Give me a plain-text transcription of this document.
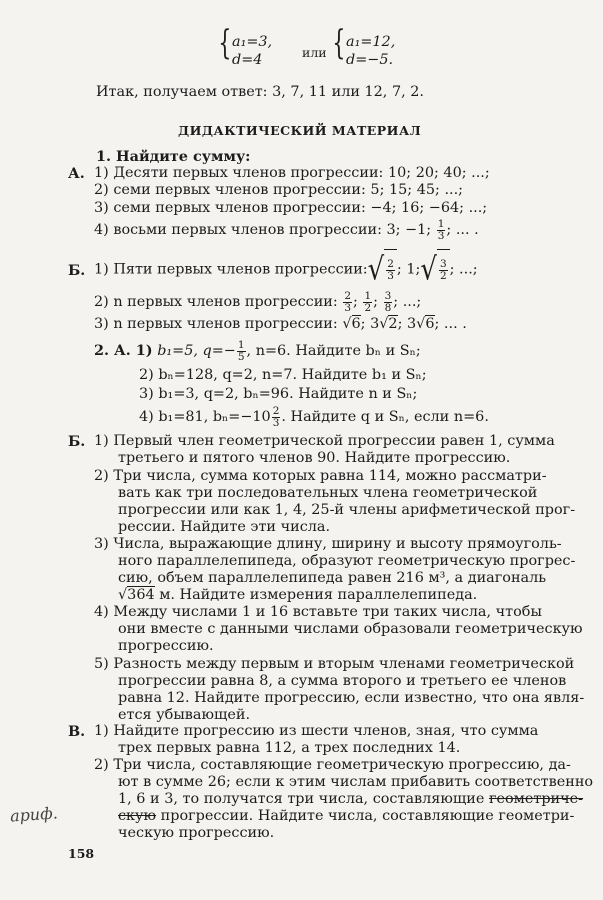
{ a₁=3,
d=4	или { a₁=12,
d=−5.
Итак, получаем ответ: 3, 7, 11 или 12, 7, 2.
ДИДАКТИЧЕСКИЙ МАТЕРИАЛ
1. Найдите сумму:
А. 1) Десяти первых членов прогрессии: 10; 20; 40; ...;
2) семи первых членов прогрессии: 5; 15; 45; ...;
3) семи первых членов прогрессии: −4; 16; −64; ...;
4) восьми первых членов прогрессии: 3; −1; $\frac{1}{3}$ ; ... .
Б. 1) Пяти первых членов прогрессии:√ $\frac{2}{3}$ ; 1;√ $\frac{3}{2}$ ; ...;
2) n первых членов прогрессии: $\frac{2}{3}$ ; $\frac{1}{2}$ ; $\frac{3}{8}$ ; ...;
3) n первых членов прогрессии: √6; 3√2; 3√6; ... .
2. А. 1) b₁=5, $q=- \frac{1}{5}$ , n=6. Найдите bₙ и Sₙ;
2) bₙ=128, q=2, n=7. Найдите b₁ и Sₙ;
3) b₁=3, q=2, bₙ=96. Найдите n и Sₙ;
4) b₁=81, $b_n=-10 \frac{2}{3}$ . Найдите q и Sₙ, если n=6.
Б. 1) Первый член геометрической прогрессии равен 1, сумма
третьего и пятого членов 90. Найдите прогрессию.
2) Три числа, сумма которых равна 114, можно рассматри-
вать как три последовательных члена геометрической
прогрессии или как 1, 4, 25-й члены арифметической прог-
рессии. Найдите эти числа.
3) Числа, выражающие длину, ширину и высоту прямоуголь-
ного параллелепипеда, образуют геометрическую прогрес-
сию, объем параллелепипеда равен 216 м³, а диагональ
√364 м. Найдите измерения параллелепипеда.
4) Между числами 1 и 16 вставьте три таких числа, чтобы
они вместе с данными числами образовали геометрическую
прогрессию.
5) Разность между первым и вторым членами геометрической
прогрессии равна 8, а сумма второго и третьего ее членов
равна 12. Найдите прогрессию, если известно, что она явля-
ется убывающей.
В. 1) Найдите прогрессию из шести членов, зная, что сумма
трех первых равна 112, а трех последних 14.
2) Три числа, составляющие геометрическую прогрессию, да-
ют в сумме 26; если к этим числам прибавить соответственно
1, 6 и 3, то получатся три числа, составляющие геометриче-
скую прогрессии. Найдите числа, составляющие геометри-
ческую прогрессию.
ариф.
158
